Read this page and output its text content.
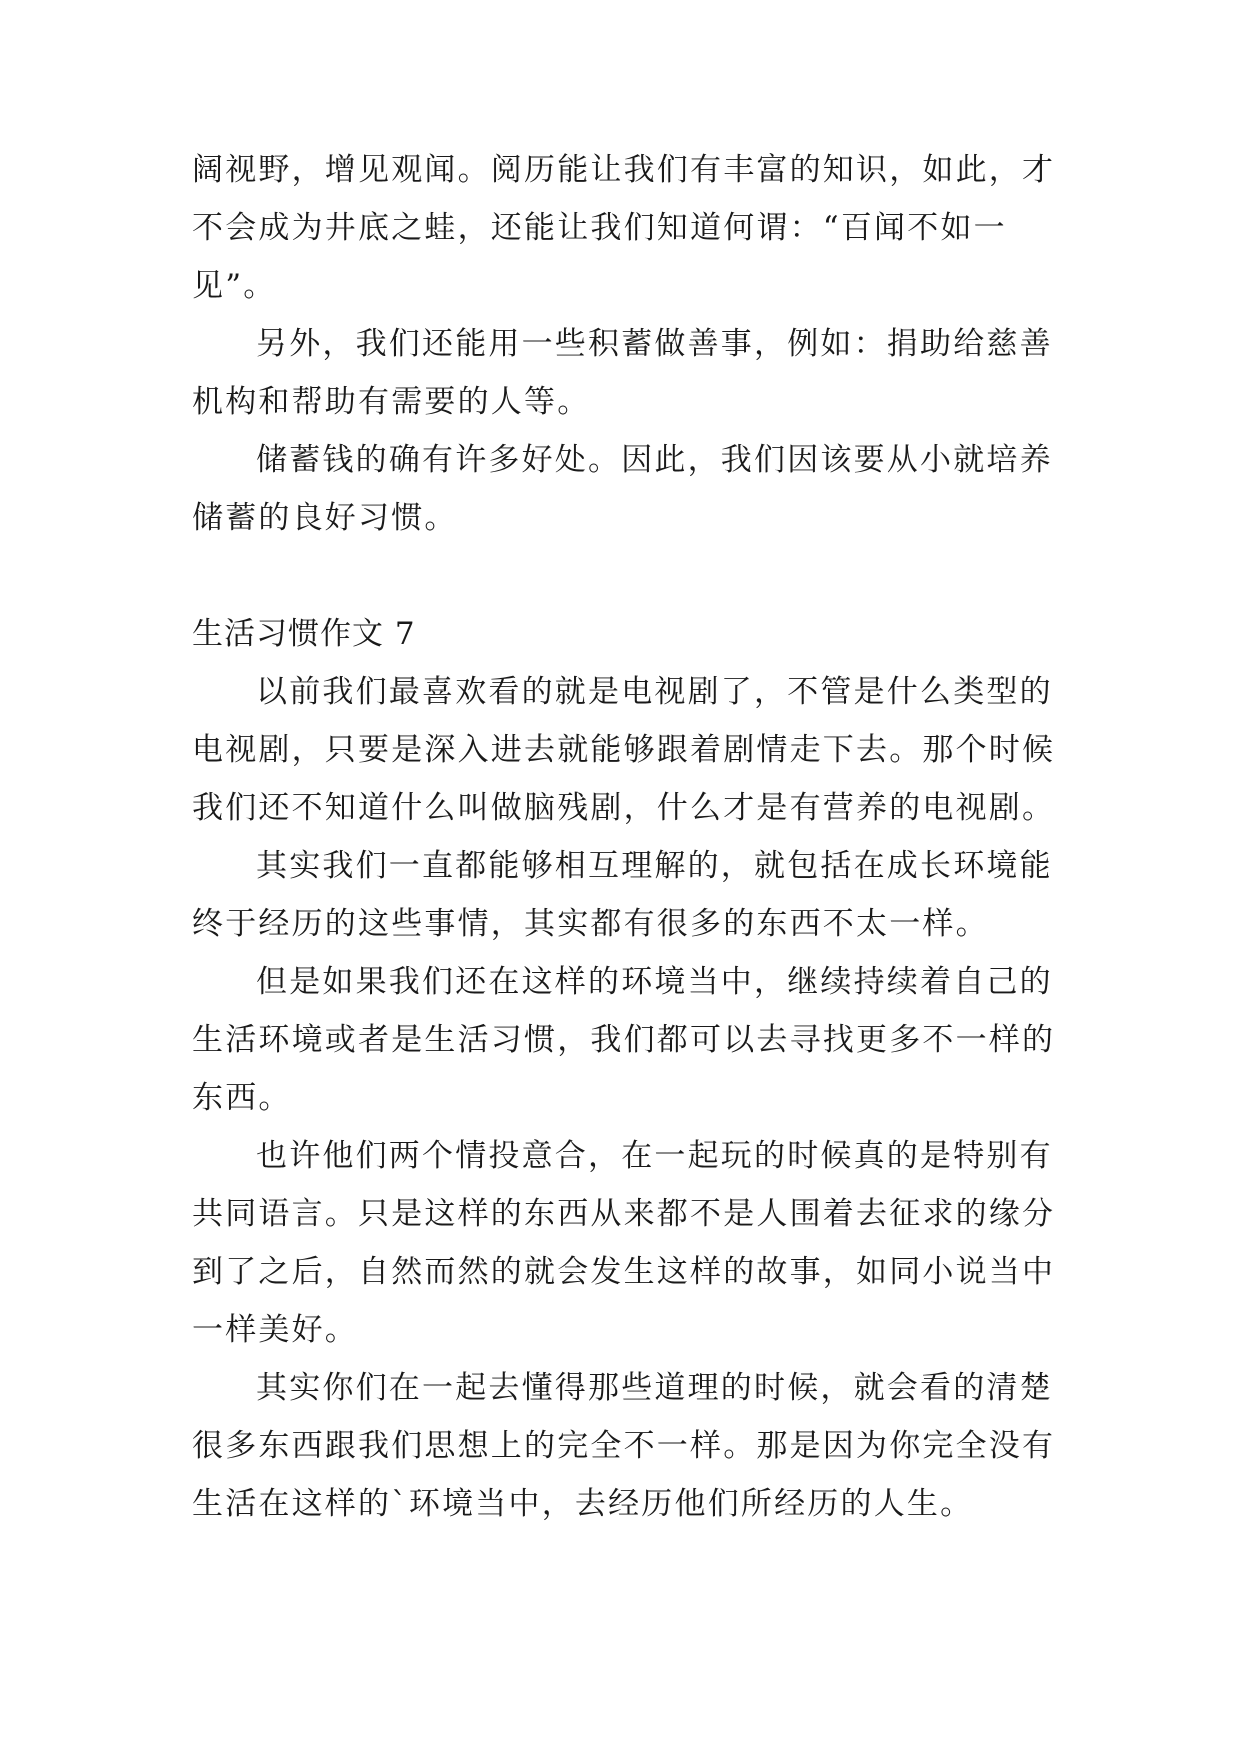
阔视野，增见观闻。阅历能让我们有丰富的知识，如此，才
不会成为井底之蛙，还能让我们知道何谓：“百闻不如一
见”。
另外，我们还能用一些积蓄做善事，例如：捐助给慈善
机构和帮助有需要的人等。
储蓄钱的确有许多好处。因此，我们因该要从小就培养
储蓄的良好习惯。
生活习惯作文 7
以前我们最喜欢看的就是电视剧了，不管是什么类型的
电视剧，只要是深入进去就能够跟着剧情走下去。那个时候
我们还不知道什么叫做脑残剧，什么才是有营养的电视剧。
其实我们一直都能够相互理解的，就包括在成长环境能
终于经历的这些事情，其实都有很多的东西不太一样。
但是如果我们还在这样的环境当中，继续持续着自己的
生活环境或者是生活习惯，我们都可以去寻找更多不一样的
东西。
也许他们两个情投意合，在一起玩的时候真的是特别有
共同语言。只是这样的东西从来都不是人围着去征求的缘分
到了之后，自然而然的就会发生这样的故事，如同小说当中
一样美好。
其实你们在一起去懂得那些道理的时候，就会看的清楚
很多东西跟我们思想上的完全不一样。那是因为你完全没有
生活在这样的`环境当中，去经历他们所经历的人生。
